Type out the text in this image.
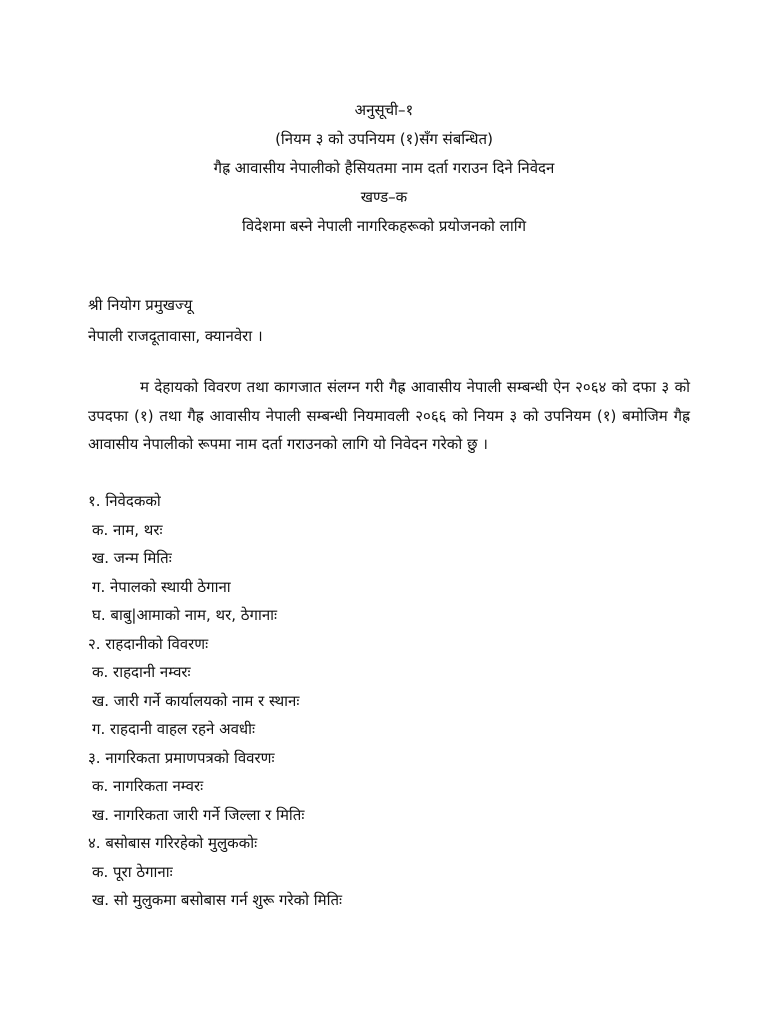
अनुसूची–१
(नियम ३ को उपनियम (१)सँग संबन्धित)
गैह्र आवासीय नेपालीको हैसियतमा नाम दर्ता गराउन दिने निवेदन
खण्ड–क
विदेशमा बस्ने नेपाली नागरिकहरूको प्रयोजनको लागि
श्री नियोग प्रमुखज्यू
नेपाली राजदूतावासा, क्यानवेरा ।
म देहायको विवरण तथा कागजात संलग्न गरी गैह्र आवासीय नेपाली सम्बन्धी ऐन २०६४ को दफा ३ को उपदफा (१) तथा गैह्र आवासीय नेपाली सम्बन्धी नियमावली २०६६ को नियम ३ को उपनियम (१) बमोजिम गैह्र आवासीय नेपालीको रूपमा नाम दर्ता गराउनको लागि यो निवेदन गरेको छु ।
१. निवेदकको
क. नाम, थरः
ख. जन्म मितिः
ग. नेपालको स्थायी ठेगाना
घ. बाबु|आमाको नाम, थर, ठेगानाः
२. राहदानीको विवरणः
क. राहदानी नम्वरः
ख. जारी गर्ने कार्यालयको नाम र स्थानः
ग. राहदानी वाहल रहने अवधीः
३. नागरिकता प्रमाणपत्रको विवरणः
क. नागरिकता नम्वरः
ख. नागरिकता जारी गर्ने जिल्ला र मितिः
४. बसोबास गरिरहेको मुलुककोः
क. पूरा ठेगानाः
ख. सो मुलुकमा बसोबास गर्न शुरू गरेको मितिः
